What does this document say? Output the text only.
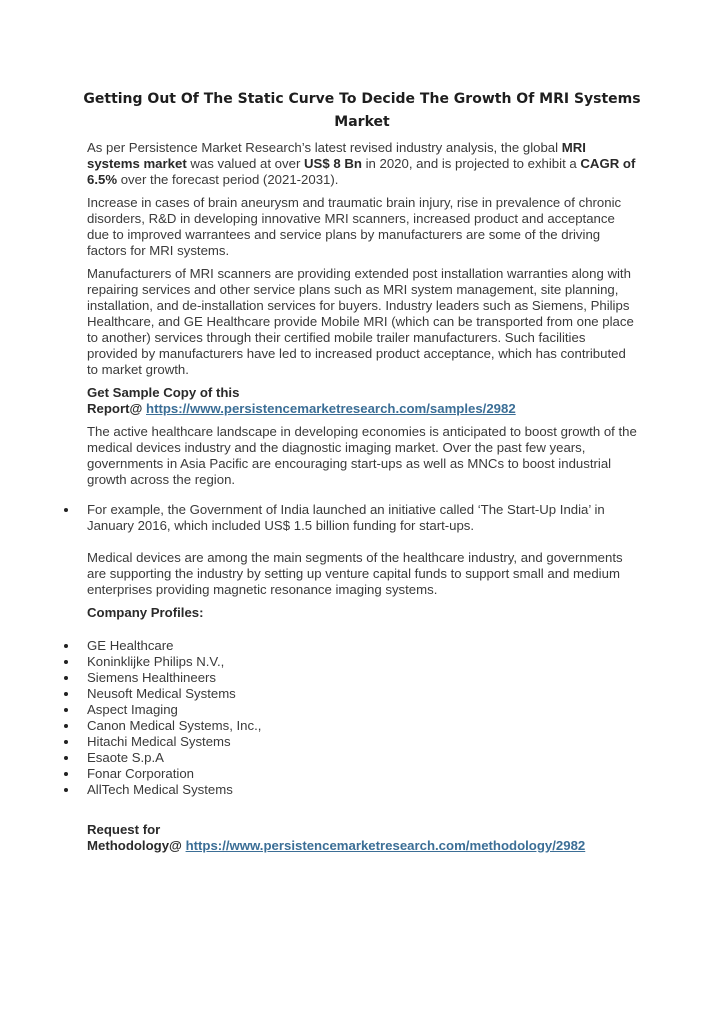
Getting Out Of The Static Curve To Decide The Growth Of MRI Systems Market

As per Persistence Market Research’s latest revised industry analysis, the global MRI systems market was valued at over US$ 8 Bn in 2020, and is projected to exhibit a CAGR of 6.5% over the forecast period (2021-2031).

Increase in cases of brain aneurysm and traumatic brain injury, rise in prevalence of chronic disorders, R&D in developing innovative MRI scanners, increased product and acceptance due to improved warrantees and service plans by manufacturers are some of the driving factors for MRI systems.

Manufacturers of MRI scanners are providing extended post installation warranties along with repairing services and other service plans such as MRI system management, site planning, installation, and de-installation services for buyers. Industry leaders such as Siemens, Philips Healthcare, and GE Healthcare provide Mobile MRI (which can be transported from one place to another) services through their certified mobile trailer manufacturers. Such facilities provided by manufacturers have led to increased product acceptance, which has contributed to market growth.

Get Sample Copy of this
Report@ https://www.persistencemarketresearch.com/samples/2982

The active healthcare landscape in developing economies is anticipated to boost growth of the medical devices industry and the diagnostic imaging market. Over the past few years, governments in Asia Pacific are encouraging start-ups as well as MNCs to boost industrial growth across the region.

For example, the Government of India launched an initiative called ‘The Start-Up India’ in January 2016, which included US$ 1.5 billion funding for start-ups.

Medical devices are among the main segments of the healthcare industry, and governments are supporting the industry by setting up venture capital funds to support small and medium enterprises providing magnetic resonance imaging systems.

Company Profiles:

GE Healthcare
Koninklijke Philips N.V.,
Siemens Healthineers
Neusoft Medical Systems
Aspect Imaging
Canon Medical Systems, Inc.,
Hitachi Medical Systems
Esaote S.p.A
Fonar Corporation
AllTech Medical Systems

Request for
Methodology@ https://www.persistencemarketresearch.com/methodology/2982
